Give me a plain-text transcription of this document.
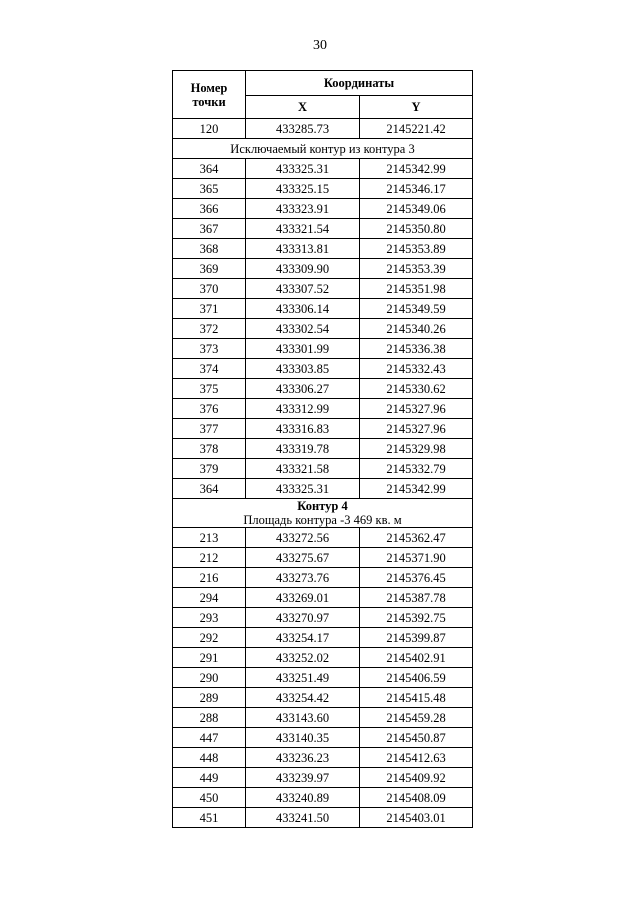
30
Номер точки	Координаты	
	X	Y
120	433285.73	2145221.42
Исключаемый контур из контура 3		
364	433325.31	2145342.99
365	433325.15	2145346.17
366	433323.91	2145349.06
367	433321.54	2145350.80
368	433313.81	2145353.89
369	433309.90	2145353.39
370	433307.52	2145351.98
371	433306.14	2145349.59
372	433302.54	2145340.26
373	433301.99	2145336.38
374	433303.85	2145332.43
375	433306.27	2145330.62
376	433312.99	2145327.96
377	433316.83	2145327.96
378	433319.78	2145329.98
379	433321.58	2145332.79
364	433325.31	2145342.99

Контур 4
Площадь контура -3 469 кв. м		

213	433272.56	2145362.47
212	433275.67	2145371.90
216	433273.76	2145376.45
294	433269.01	2145387.78
293	433270.97	2145392.75
292	433254.17	2145399.87
291	433252.02	2145402.91
290	433251.49	2145406.59
289	433254.42	2145415.48
288	433143.60	2145459.28
447	433140.35	2145450.87
448	433236.23	2145412.63
449	433239.97	2145409.92
450	433240.89	2145408.09
451	433241.50	2145403.01
